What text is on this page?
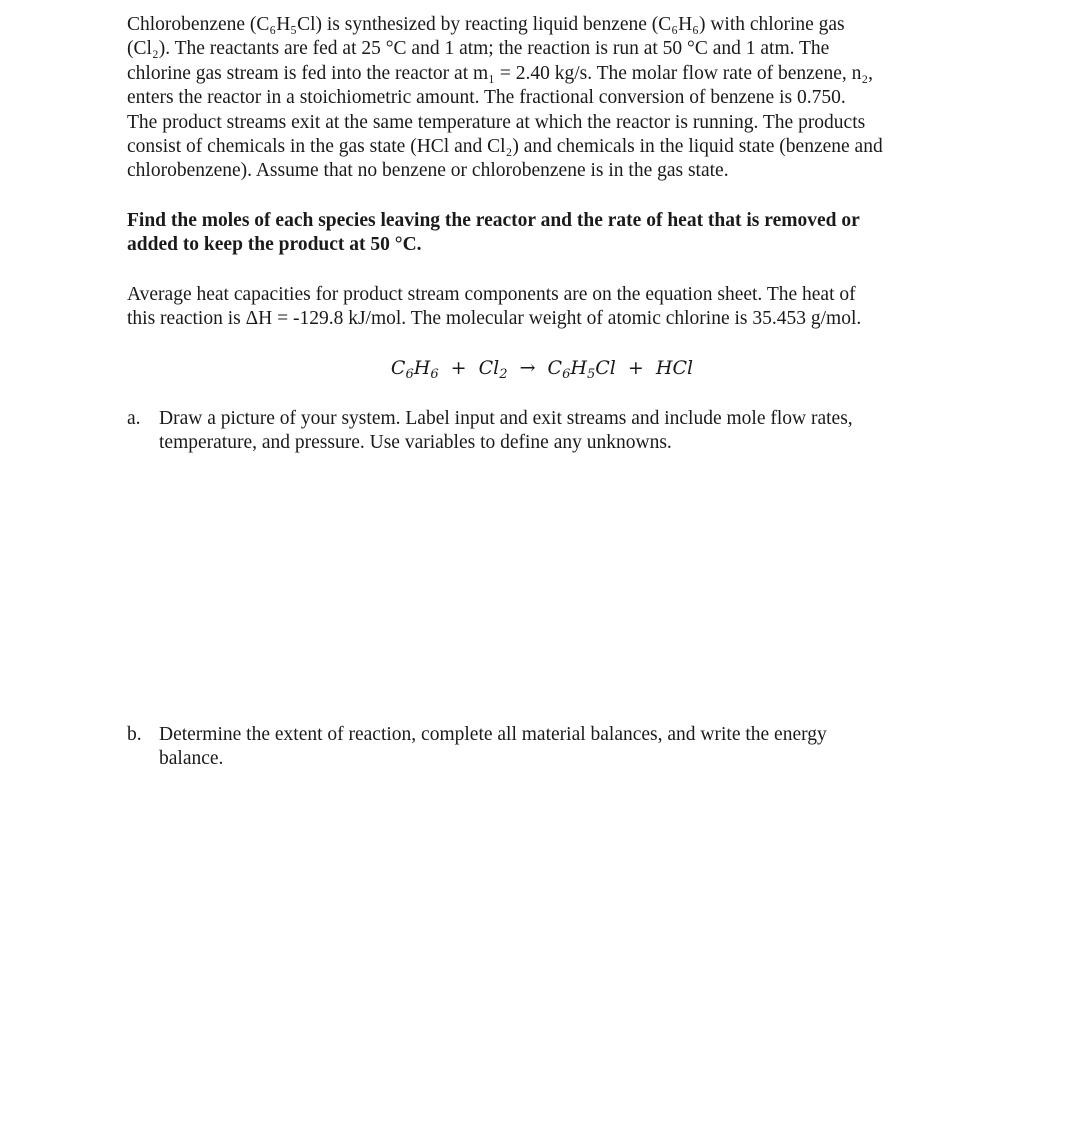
Chlorobenzene (C₆H₅Cl) is synthesized by reacting liquid benzene (C₆H₆) with chlorine gas
(Cl₂). The reactants are fed at 25 °C and 1 atm; the reaction is run at 50 °C and 1 atm. The
chlorine gas stream is fed into the reactor at m₁ = 2.40 kg/s. The molar flow rate of benzene, n₂,
enters the reactor in a stoichiometric amount. The fractional conversion of benzene is 0.750.
The product streams exit at the same temperature at which the reactor is running. The products
consist of chemicals in the gas state (HCl and Cl₂) and chemicals in the liquid state (benzene and
chlorobenzene). Assume that no benzene or chlorobenzene is in the gas state.

Find the moles of each species leaving the reactor and the rate of heat that is removed or
added to keep the product at 50 °C.

Average heat capacities for product stream components are on the equation sheet. The heat of
this reaction is ΔH = -129.8 kJ/mol. The molecular weight of atomic chlorine is 35.453 g/mol.

$C_6H_6 + Cl_2 \to C_6H_5Cl$ + HCl
a. Draw a picture of your system. Label input and exit streams and include mole flow rates,
temperature, and pressure. Use variables to define any unknowns.
b. Determine the extent of reaction, complete all material balances, and write the energy
balance.
